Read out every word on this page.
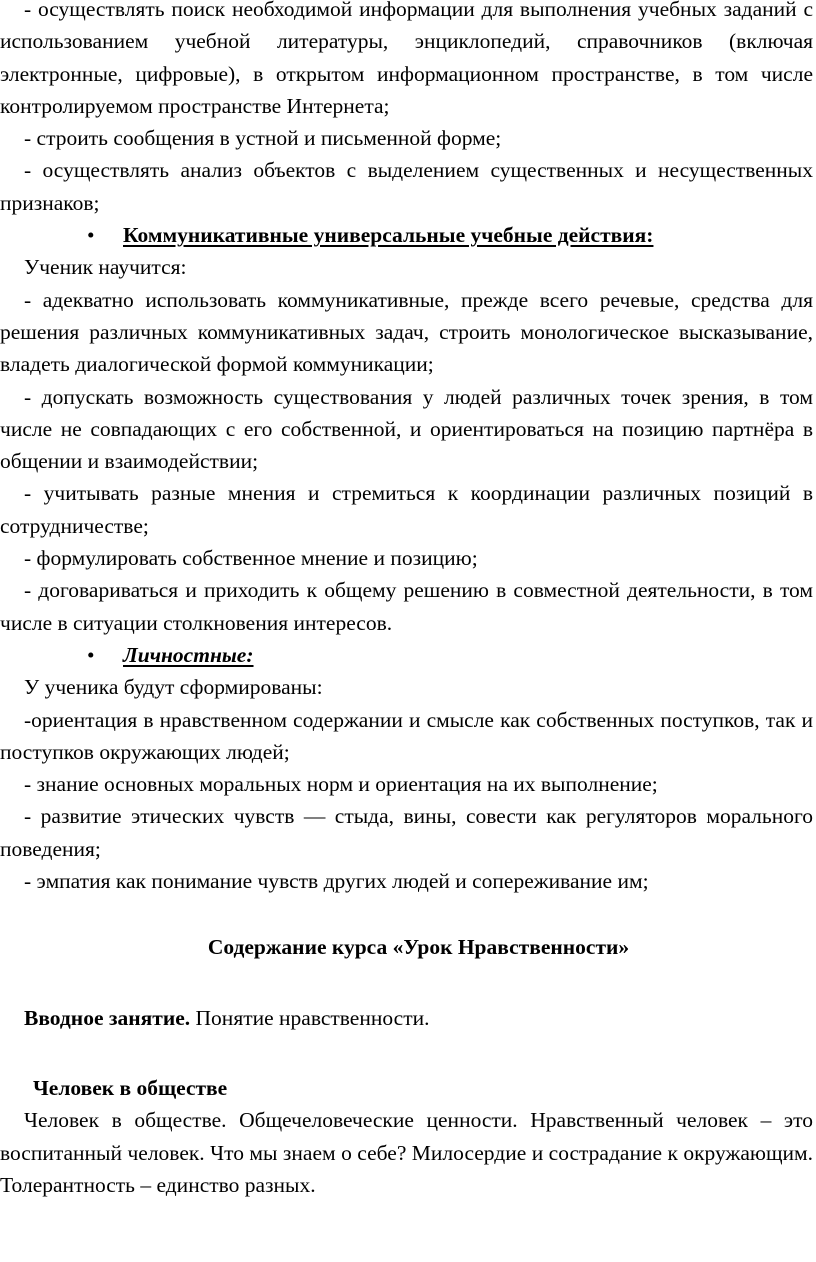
- осуществлять поиск необходимой информации для выполнения учебных заданий с использованием учебной литературы, энциклопедий, справочников (включая электронные, цифровые), в открытом информационном пространстве, в том числе контролируемом пространстве Интернета;

- строить сообщения в устной и письменной форме;

- осуществлять анализ объектов с выделением существенных и несущественных признаков;

• Коммуникативные универсальные учебные действия:

Ученик научится:

- адекватно использовать коммуникативные, прежде всего речевые, средства для решения различных коммуникативных задач, строить монологическое высказывание, владеть диалогической формой коммуникации;

- допускать возможность существования у людей различных точек зрения, в том числе не совпадающих с его собственной, и ориентироваться на позицию партнёра в общении и взаимодействии;

- учитывать разные мнения и стремиться к координации различных позиций в сотрудничестве;

- формулировать собственное мнение и позицию;

- договариваться и приходить к общему решению в совместной деятельности, в том числе в ситуации столкновения интересов.

• Личностные:

У ученика будут сформированы:

-ориентация в нравственном содержании и смысле как собственных поступков, так и поступков окружающих людей;

- знание основных моральных норм и ориентация на их выполнение;

- развитие этических чувств — стыда, вины, совести как регуляторов морального поведения;

- эмпатия как понимание чувств других людей и сопереживание им;

Содержание курса «Урок Нравственности»
Вводное занятие. Понятие нравственности.
Человек в обществе

Человек в обществе. Общечеловеческие ценности. Нравственный человек – это воспитанный человек. Что мы знаем о себе? Милосердие и сострадание к окружающим. Толерантность – единство разных.
